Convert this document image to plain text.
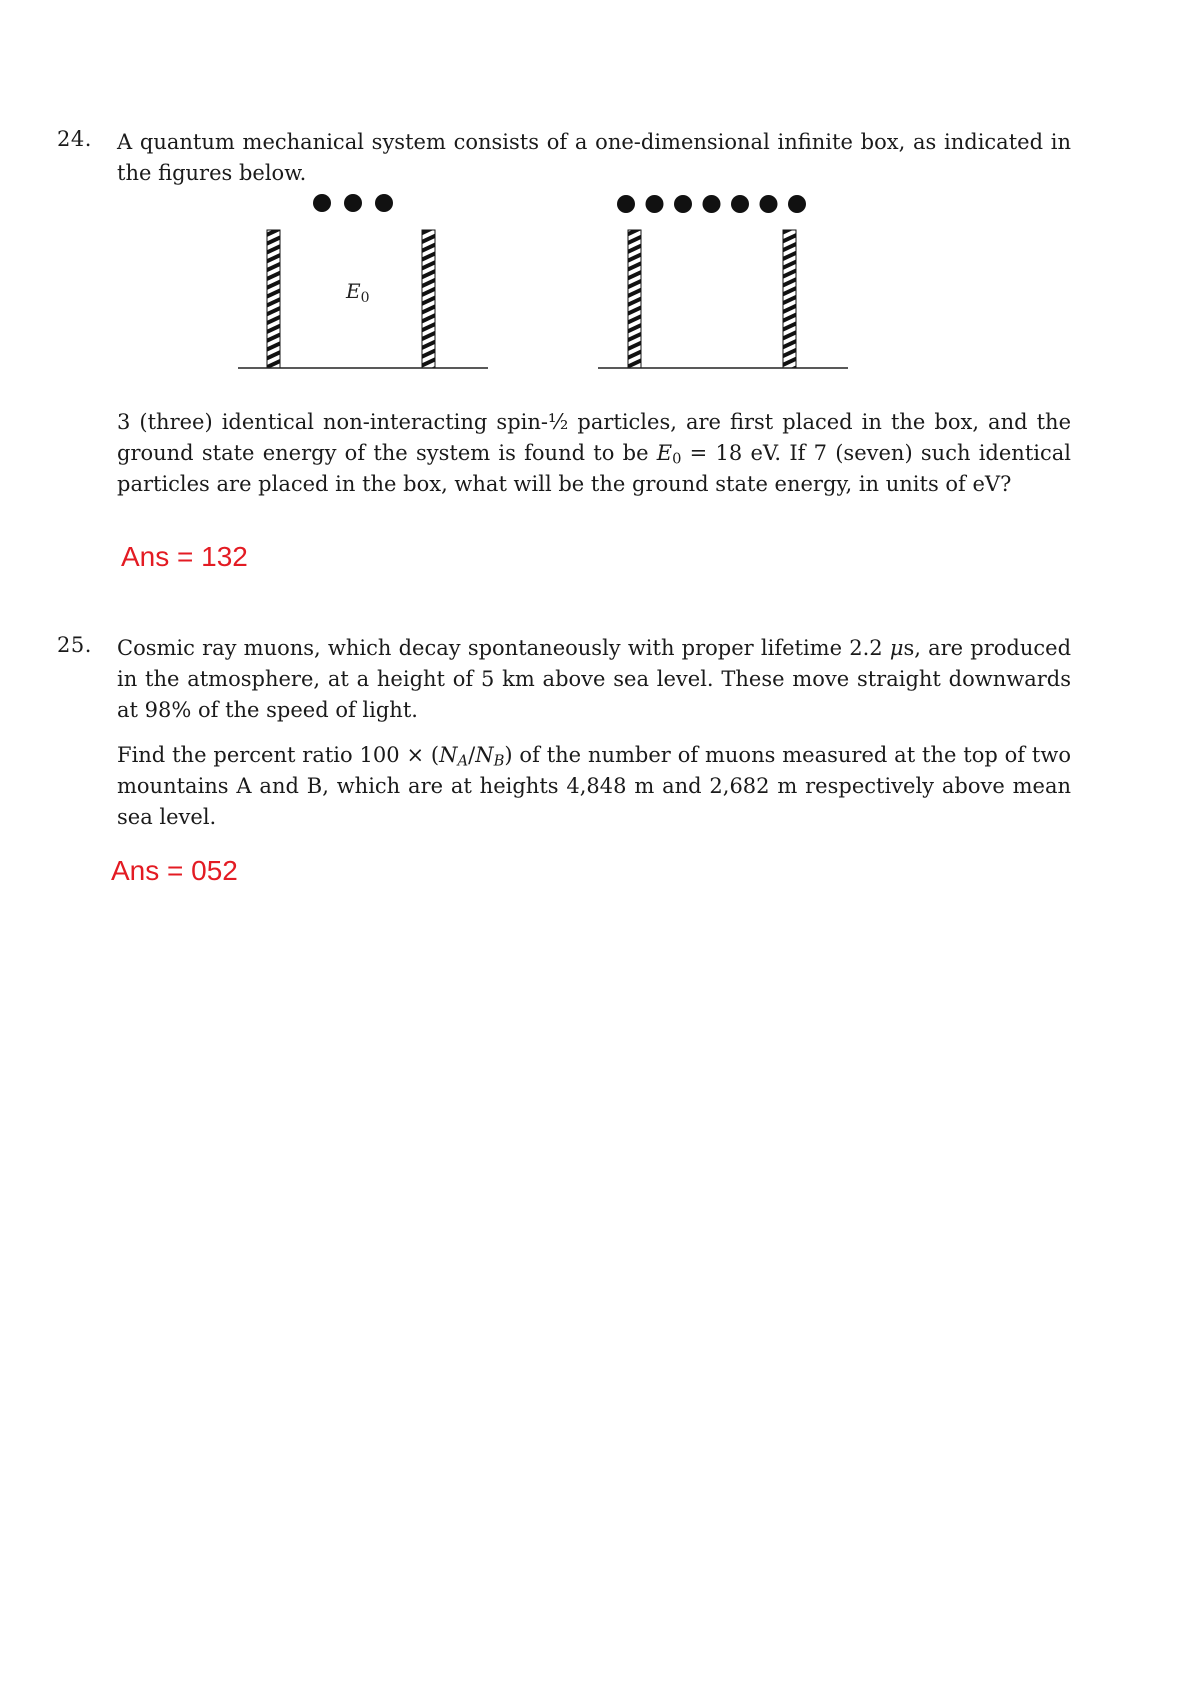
24. A quantum mechanical system consists of a one-dimensional infinite box, as indicated in the figures below.
$E_0$
3 (three) identical non-interacting spin-½ particles, are first placed in the box, and the ground state energy of the system is found to be $E_0 = 18$ eV. If 7 (seven) such identical particles are placed in the box, what will be the ground state energy, in units of eV?
Ans = 132
25. Cosmic ray muons, which decay spontaneously with proper lifetime 2.2 μs, are produced in the atmosphere, at a height of 5 km above sea level. These move straight downwards at 98% of the speed of light.
Find the percent ratio $100 \times (N_A/N_B)$ of the number of muons measured at the top of two mountains A and B, which are at heights 4,848 m and 2,682 m respectively above mean sea level.
Ans = 052
